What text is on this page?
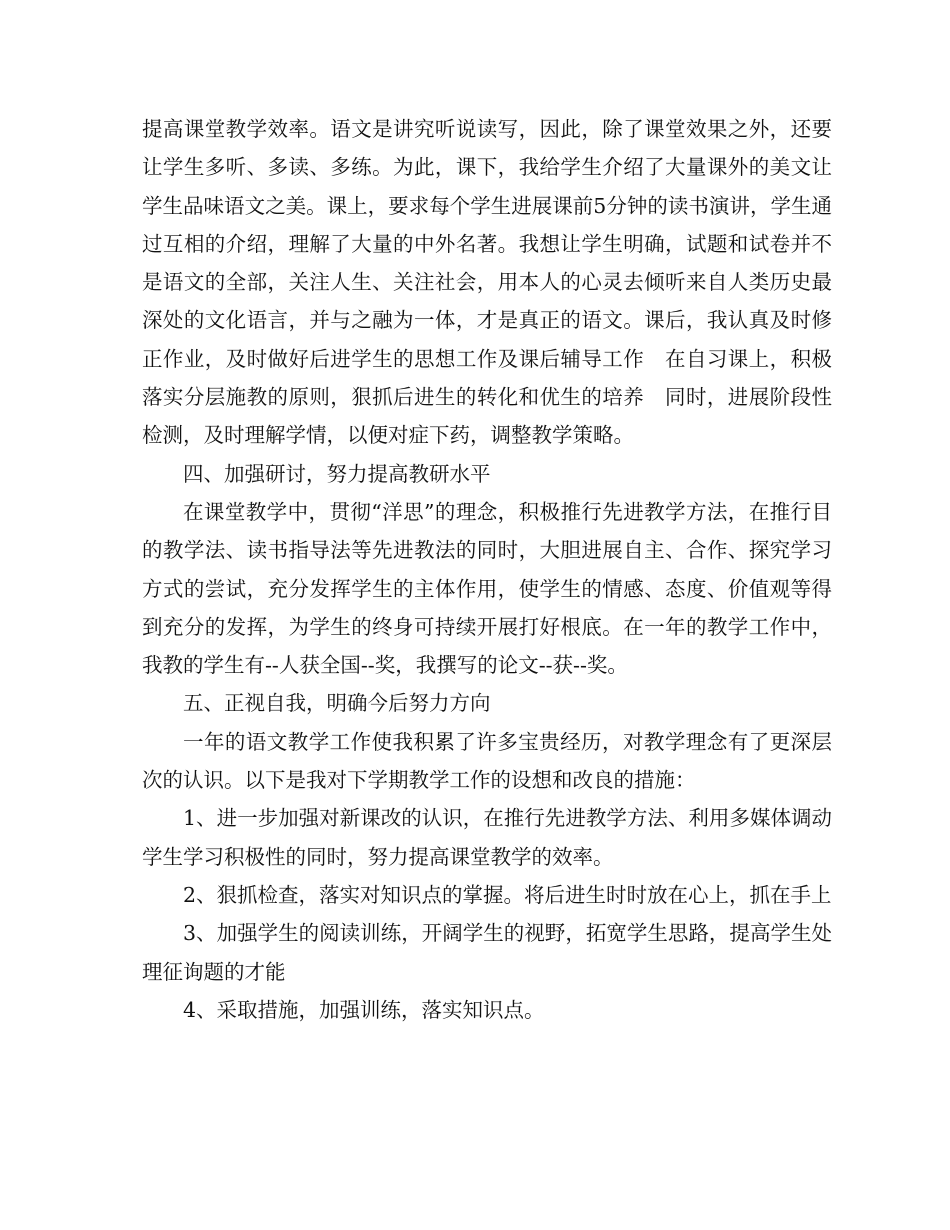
提高课堂教学效率。语文是讲究听说读写，因此，除了课堂效果之外，还要让学生多听、多读、多练。为此，课下，我给学生介绍了大量课外的美文让学生品味语文之美。课上，要求每个学生进展课前5分钟的读书演讲，学生通过互相的介绍，理解了大量的中外名著。我想让学生明确，试题和试卷并不是语文的全部，关注人生、关注社会，用本人的心灵去倾听来自人类历史最深处的文化语言，并与之融为一体，才是真正的语文。课后，我认真及时修正作业，及时做好后进学生的思想工作及课后辅导工作　在自习课上，积极落实分层施教的原则，狠抓后进生的转化和优生的培养　同时，进展阶段性检测，及时理解学情，以便对症下药，调整教学策略。

四、加强研讨，努力提高教研水平

在课堂教学中，贯彻“洋思”的理念，积极推行先进教学方法，在推行目的教学法、读书指导法等先进教法的同时，大胆进展自主、合作、探究学习方式的尝试，充分发挥学生的主体作用，使学生的情感、态度、价值观等得到充分的发挥，为学生的终身可持续开展打好根底。在一年的教学工作中，我教的学生有--人获全国--奖，我撰写的论文--获--奖。

五、正视自我，明确今后努力方向

一年的语文教学工作使我积累了许多宝贵经历，对教学理念有了更深层次的认识。以下是我对下学期教学工作的设想和改良的措施：

1、进一步加强对新课改的认识，在推行先进教学方法、利用多媒体调动学生学习积极性的同时，努力提高课堂教学的效率。

2、狠抓检查，落实对知识点的掌握。将后进生时时放在心上，抓在手上

3、加强学生的阅读训练，开阔学生的视野，拓宽学生思路，提高学生处理征询题的才能

4、采取措施，加强训练，落实知识点。
